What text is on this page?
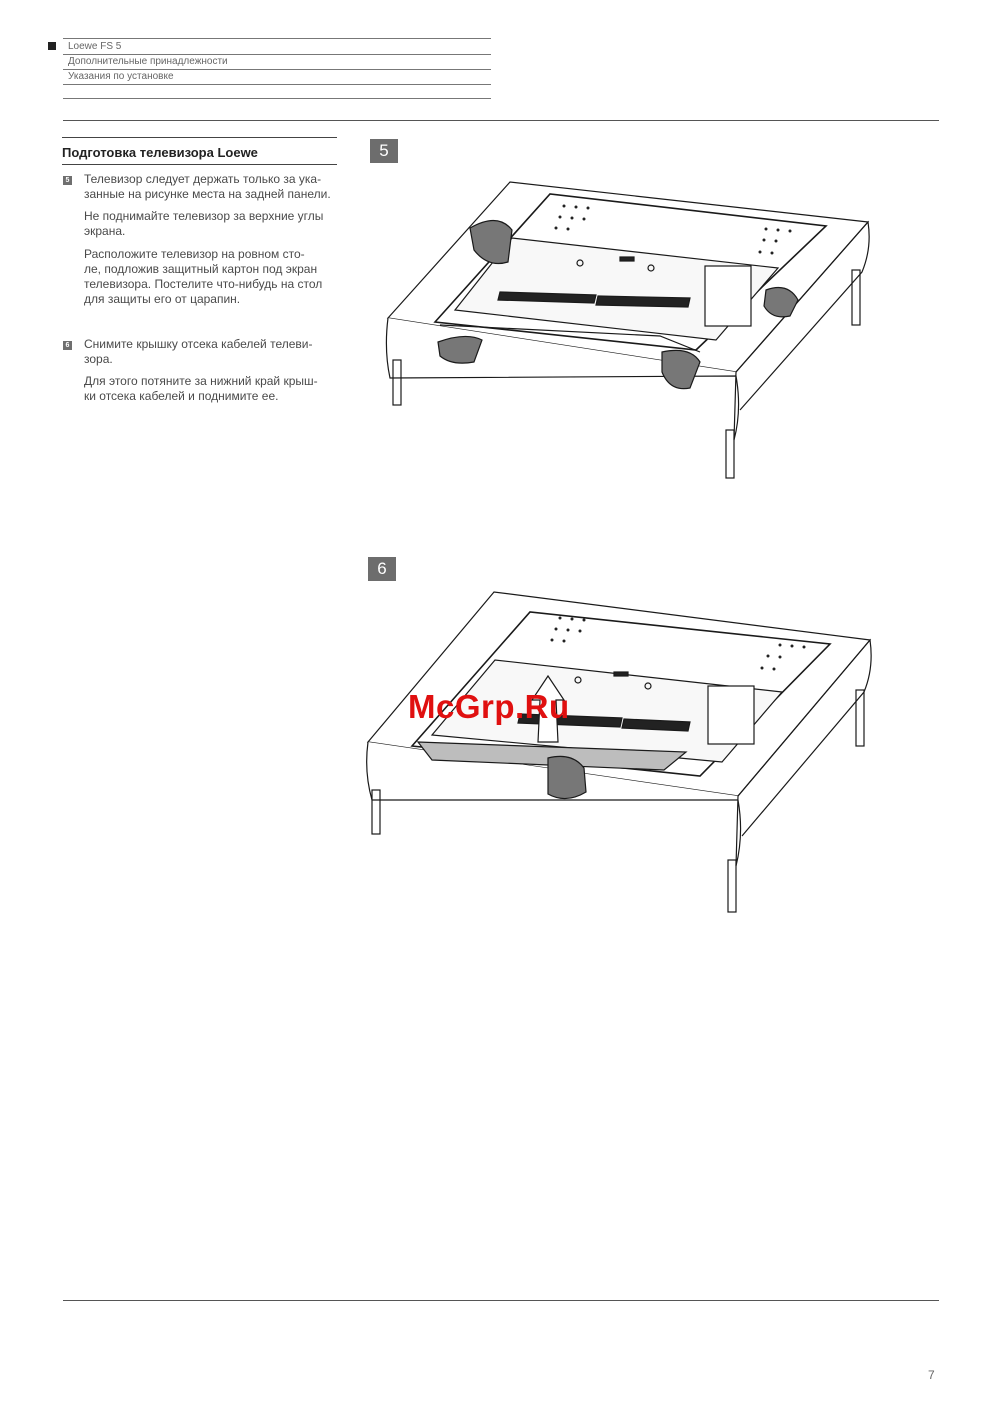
Loewe FS 5
Дополнительные принадлежности
Указания по установке
Подготовка телевизора Loewe
5 Телевизор следует держать только за ука-
занные на рисунке места на задней панели.

Не поднимайте телевизор за верхние углы
экрана.

Расположите телевизор на ровном сто-
ле, подложив защитный картон под экран
телевизора. Постелите что-нибудь на стол
для защиты его от царапин.

6 Снимите крышку отсека кабелей телеви-
зора.

Для этого потяните за нижний край крыш-
ки отсека кабелей и поднимите ее.

5
6
McGrp.Ru
7
